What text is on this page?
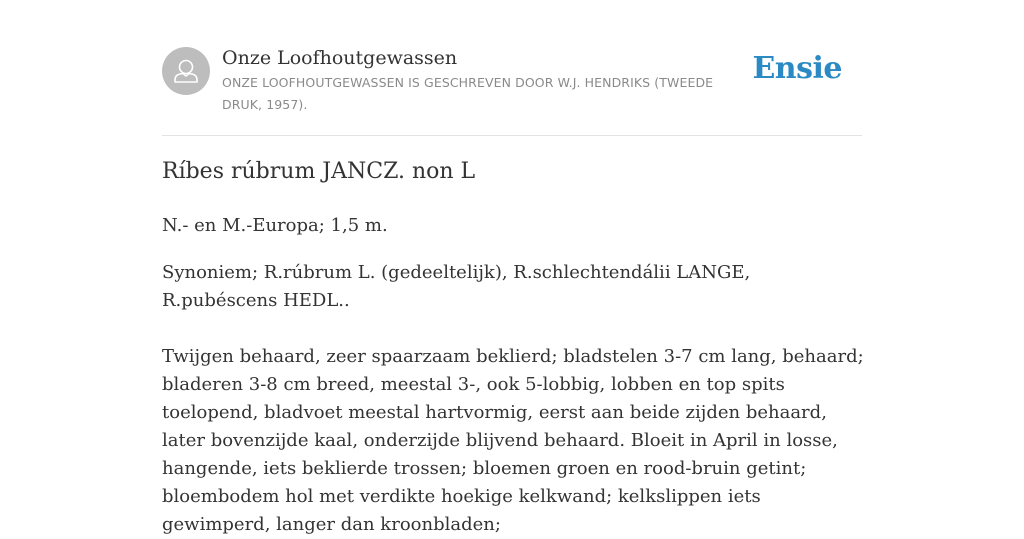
Onze Loofhoutgewassen
ONZE LOOFHOUTGEWASSEN IS GESCHREVEN DOOR W.J. HENDRIKS (TWEEDE DRUK, 1957).
Ensie
Ríbes rúbrum JANCZ. non L

N.- en M.-Europa; 1,5 m.

Synoniem; R.rúbrum L. (gedeeltelijk), R.schlechtendálii LANGE, R.pubéscens HEDL..

Twijgen behaard, zeer spaarzaam beklierd; bladstelen 3-7 cm lang, behaard; bladeren 3-8 cm breed, meestal 3-, ook 5-lobbig, lobben en top spits toelopend, bladvoet meestal hartvormig, eerst aan beide zijden behaard, later bovenzijde kaal, onderzijde blijvend behaard. Bloeit in April in losse, hangende, iets beklierde trossen; bloemen groen en rood-bruin getint; bloembodem hol met verdikte hoekige kelkwand; kelkslippen iets gewimperd, langer dan kroonbladen;
